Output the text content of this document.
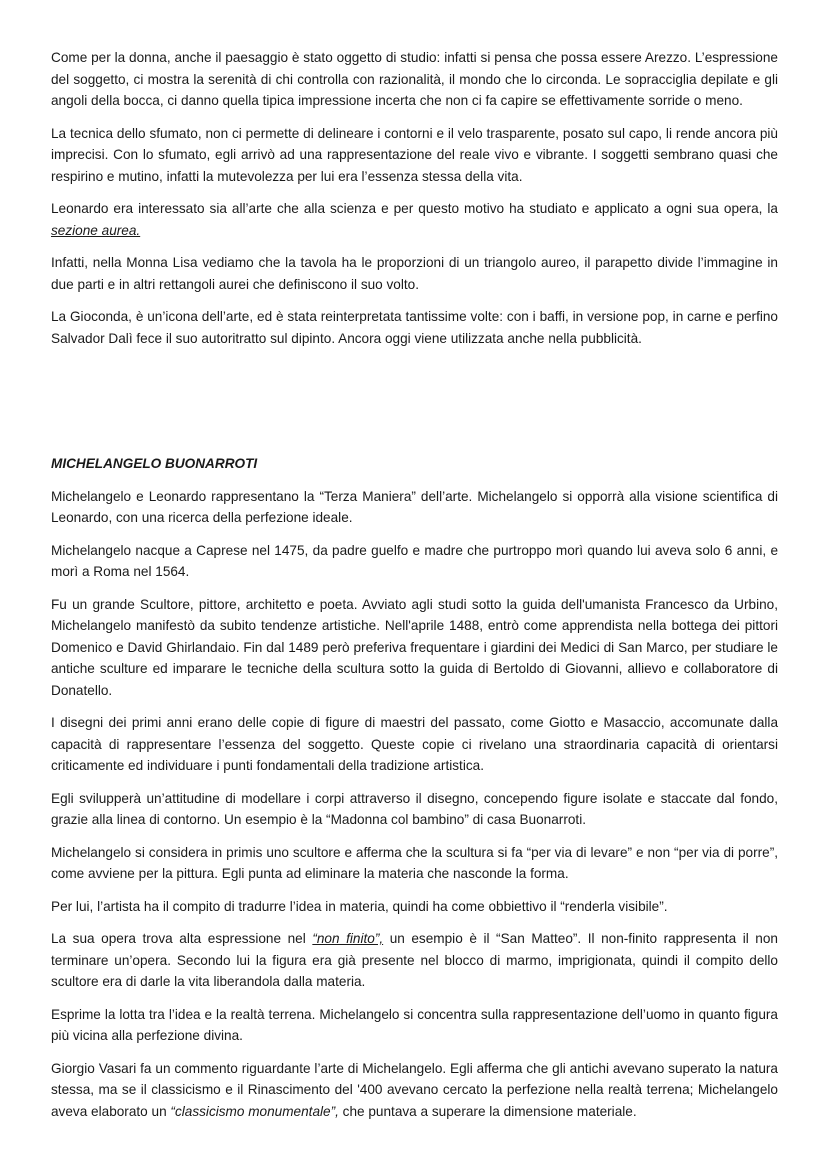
Come per la donna, anche il paesaggio è stato oggetto di studio: infatti si pensa che possa essere Arezzo. L’espressione del soggetto, ci mostra la serenità di chi controlla con razionalità, il mondo che lo circonda. Le sopracciglia depilate e gli angoli della bocca, ci danno quella tipica impressione incerta che non ci fa capire se effettivamente sorride o meno.

La tecnica dello sfumato, non ci permette di delineare i contorni e il velo trasparente, posato sul capo, li rende ancora più imprecisi. Con lo sfumato, egli arrivò ad una rappresentazione del reale vivo e vibrante. I soggetti sembrano quasi che respirino e mutino, infatti la mutevolezza per lui era l’essenza stessa della vita.

Leonardo era interessato sia all’arte che alla scienza e per questo motivo ha studiato e applicato a ogni sua opera, la sezione aurea.

Infatti, nella Monna Lisa vediamo che la tavola ha le proporzioni di un triangolo aureo, il parapetto divide l’immagine in due parti e in altri rettangoli aurei che definiscono il suo volto.

La Gioconda, è un’icona dell’arte, ed è stata reinterpretata tantissime volte: con i baffi, in versione pop, in carne e perfino Salvador Dalì fece il suo autoritratto sul dipinto. Ancora oggi viene utilizzata anche nella pubblicità.

MICHELANGELO BUONARROTI

Michelangelo e Leonardo rappresentano la “Terza Maniera” dell’arte. Michelangelo si opporrà alla visione scientifica di Leonardo, con una ricerca della perfezione ideale.

Michelangelo nacque a Caprese nel 1475, da padre guelfo e madre che purtroppo morì quando lui aveva solo 6 anni, e morì a Roma nel 1564.

Fu un grande Scultore, pittore, architetto e poeta. Avviato agli studi sotto la guida dell'umanista Francesco da Urbino, Michelangelo manifestò da subito tendenze artistiche. Nell'aprile 1488, entrò come apprendista nella bottega dei pittori Domenico e David Ghirlandaio. Fin dal 1489 però preferiva frequentare i giardini dei Medici di San Marco, per studiare le antiche sculture ed imparare le tecniche della scultura sotto la guida di Bertoldo di Giovanni, allievo e collaboratore di Donatello.

I disegni dei primi anni erano delle copie di figure di maestri del passato, come Giotto e Masaccio, accomunate dalla capacità di rappresentare l’essenza del soggetto. Queste copie ci rivelano una straordinaria capacità di orientarsi criticamente ed individuare i punti fondamentali della tradizione artistica.

Egli svilupperà un’attitudine di modellare i corpi attraverso il disegno, concependo figure isolate e staccate dal fondo, grazie alla linea di contorno. Un esempio è la “Madonna col bambino” di casa Buonarroti.

Michelangelo si considera in primis uno scultore e afferma che la scultura si fa “per via di levare” e non “per via di porre”, come avviene per la pittura. Egli punta ad eliminare la materia che nasconde la forma.

Per lui, l’artista ha il compito di tradurre l’idea in materia, quindi ha come obbiettivo il “renderla visibile”.

La sua opera trova alta espressione nel “non finito”, un esempio è il “San Matteo”. Il non-finito rappresenta il non terminare un’opera. Secondo lui la figura era già presente nel blocco di marmo, imprigionata, quindi il compito dello scultore era di darle la vita liberandola dalla materia.

Esprime la lotta tra l’idea e la realtà terrena. Michelangelo si concentra sulla rappresentazione dell’uomo in quanto figura più vicina alla perfezione divina.

Giorgio Vasari fa un commento riguardante l’arte di Michelangelo. Egli afferma che gli antichi avevano superato la natura stessa, ma se il classicismo e il Rinascimento del '400 avevano cercato la perfezione nella realtà terrena; Michelangelo aveva elaborato un “classicismo monumentale”, che puntava a superare la dimensione materiale.
